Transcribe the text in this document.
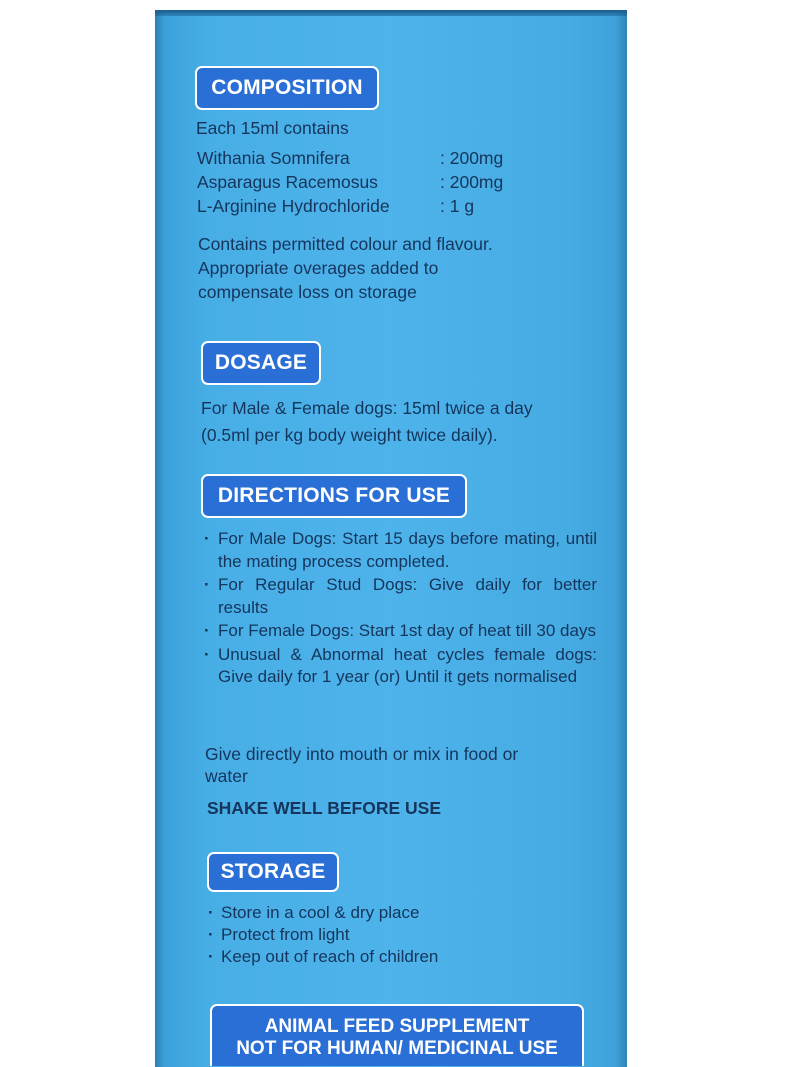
COMPOSITION
Each 15ml contains
Withania Somnifera	: 200mg
Asparagus Racemosus	: 200mg
L-Arginine Hydrochloride	: 1 g
Contains permitted colour and flavour.
Appropriate overages added to
compensate loss on storage
DOSAGE
For Male & Female dogs: 15ml twice a day
(0.5ml per kg body weight twice daily).
DIRECTIONS FOR USE
· For Male Dogs: Start 15 days before mating, until the mating process completed.
· For Regular Stud Dogs: Give daily for better results
· For Female Dogs: Start 1st day of heat till 30 days
· Unusual & Abnormal heat cycles female dogs: Give daily for 1 year (or) Until it gets normalised
Give directly into mouth or mix in food or
water
SHAKE WELL BEFORE USE
STORAGE
· Store in a cool & dry place
· Protect from light
· Keep out of reach of children
ANIMAL FEED SUPPLEMENT
NOT FOR HUMAN/ MEDICINAL USE
